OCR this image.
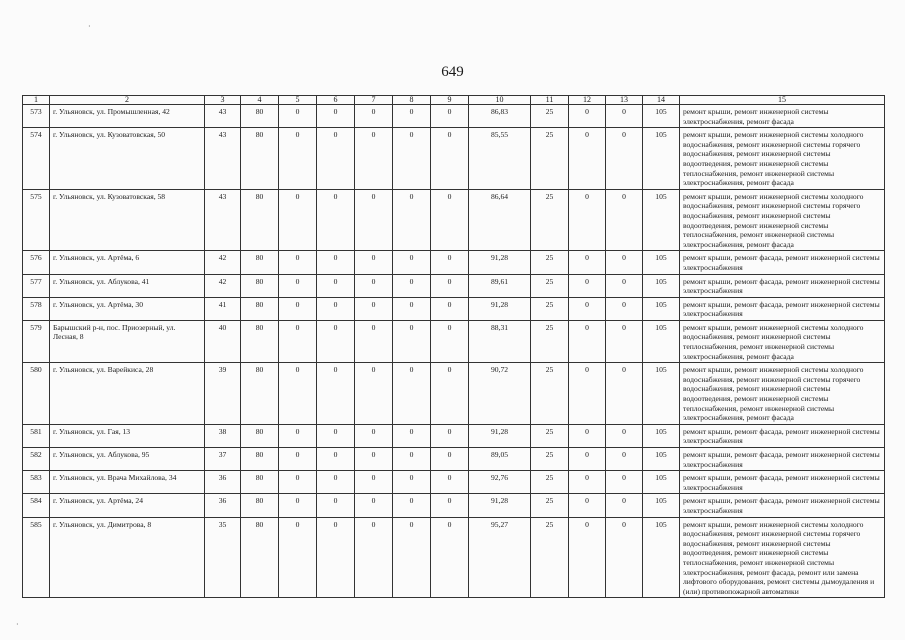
649
1	2	3	4	5	6	7	8	9	10	11	12	13	14	15
573	г. Ульяновск, ул. Промышленная, 42	43	80	0	0	0	0	0	86,83	25	0	0	105	ремонт крыши, ремонт инженерной системы электроснабжения, ремонт фасада
574	г. Ульяновск, ул. Кузоватовская, 50	43	80	0	0	0	0	0	85,55	25	0	0	105	ремонт крыши, ремонт инженерной системы холодного водоснабжения, ремонт инженерной системы горячего водоснабжения, ремонт инженерной системы водоотведения, ремонт инженерной системы теплоснабжения, ремонт инженерной системы электроснабжения, ремонт фасада
575	г. Ульяновск, ул. Кузоватовская, 58	43	80	0	0	0	0	0	86,64	25	0	0	105	ремонт крыши, ремонт инженерной системы холодного водоснабжения, ремонт инженерной системы горячего водоснабжения, ремонт инженерной системы водоотведения, ремонт инженерной системы теплоснабжения, ремонт инженерной системы электроснабжения, ремонт фасада
576	г. Ульяновск, ул. Артёма, 6	42	80	0	0	0	0	0	91,28	25	0	0	105	ремонт крыши, ремонт фасада, ремонт инженерной системы электроснабжения
577	г. Ульяновск, ул. Аблукова, 41	42	80	0	0	0	0	0	89,61	25	0	0	105	ремонт крыши, ремонт фасада, ремонт инженерной системы электроснабжения
578	г. Ульяновск, ул. Артёма, 30	41	80	0	0	0	0	0	91,28	25	0	0	105	ремонт крыши, ремонт фасада, ремонт инженерной системы электроснабжения
579	Барышский р-н, пос. Приозерный, ул. Лесная, 8	40	80	0	0	0	0	0	88,31	25	0	0	105	ремонт крыши, ремонт инженерной системы холодного водоснабжения, ремонт инженерной системы теплоснабжения, ремонт инженерной системы электроснабжения, ремонт фасада
580	г. Ульяновск, ул. Варейкиса, 28	39	80	0	0	0	0	0	90,72	25	0	0	105	ремонт крыши, ремонт инженерной системы холодного водоснабжения, ремонт инженерной системы горячего водоснабжения, ремонт инженерной системы водоотведения, ремонт инженерной системы теплоснабжения, ремонт инженерной системы электроснабжения, ремонт фасада
581	г. Ульяновск, ул. Гая, 13	38	80	0	0	0	0	0	91,28	25	0	0	105	ремонт крыши, ремонт фасада, ремонт инженерной системы электроснабжения
582	г. Ульяновск, ул. Аблукова, 95	37	80	0	0	0	0	0	89,05	25	0	0	105	ремонт крыши, ремонт фасада, ремонт инженерной системы электроснабжения
583	г. Ульяновск, ул. Врача Михайлова, 34	36	80	0	0	0	0	0	92,76	25	0	0	105	ремонт крыши, ремонт фасада, ремонт инженерной системы электроснабжения
584	г. Ульяновск, ул. Артёма, 24	36	80	0	0	0	0	0	91,28	25	0	0	105	ремонт крыши, ремонт фасада, ремонт инженерной системы электроснабжения
585	г. Ульяновск, ул. Димитрова, 8	35	80	0	0	0	0	0	95,27	25	0	0	105	ремонт крыши, ремонт инженерной системы холодного водоснабжения, ремонт инженерной системы горячего водоснабжения, ремонт инженерной системы водоотведения, ремонт инженерной системы теплоснабжения, ремонт инженерной системы электроснабжения, ремонт фасада, ремонт или замена лифтового оборудования, ремонт системы дымоудаления и (или) противопожарной автоматики
·
·
